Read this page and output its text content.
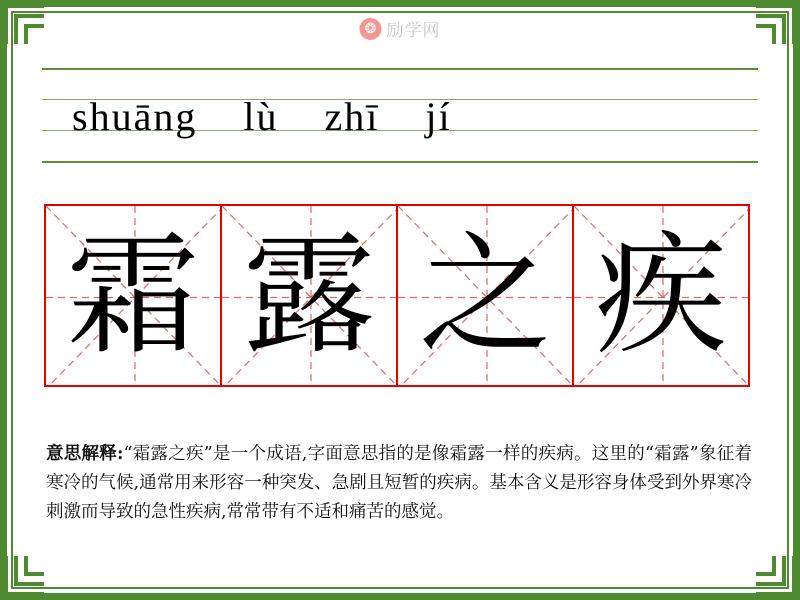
❂ 励学网
shuāng lù zhī jí
霜 露 之 疾
意思解释:“霜露之疾”是一个成语,字面意思指的是像霜露一样的疾病。这里的“霜露”象征着寒冷的气候,通常用来形容一种突发、急剧且短暂的疾病。基本含义是形容身体受到外界寒冷刺激而导致的急性疾病,常常带有不适和痛苦的感觉。
